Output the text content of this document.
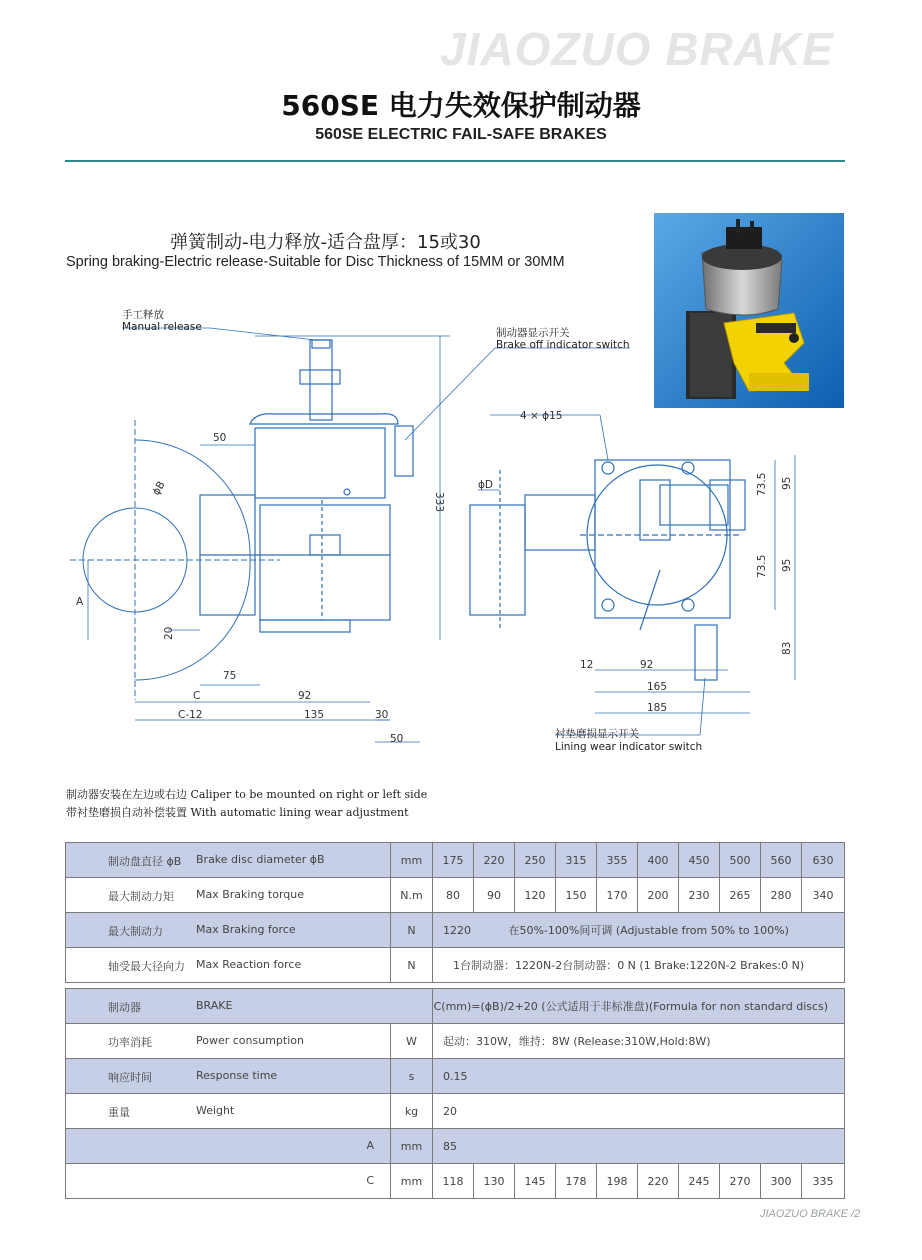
JIAOZUO BRAKE
560SE 电力失效保护制动器
560SE ELECTRIC FAIL-SAFE BRAKES
弹簧制动-电力释放-适合盘厚：15或30
Spring braking-Electric release-Suitable for Disc Thickness of 15MM or 30MM
手工释放
Manual release	制动器显示开关
Brake off indicator switch
衬垫磨损显示开关
Lining wear indicator switch
4 × ϕ15
ϕD
ϕB
50
333
A
20
75
C	92
C-12	135	30
50
73.5 95
73.5 95
83
12	92
165
185
制动器安装在左边或右边 Caliper to be mounted on right or left side
带衬垫磨损自动补偿装置 With automatic lining wear adjustment
制动盘直径 ϕB Brake disc diameter ϕB	mm	175	220	250	315	355	400	450	500	560	630

最大制动力矩 Max Braking torque	N.m	80	90	120	150	170	200	230	265	280	340

最大制动力 Max Braking force	N	1220 在50%-100%间可调 (Adjustable from 50% to 100%)									

轴受最大径向力 Max Reaction force	N	1台制动器：1220N-2台制动器：0 N (1 Brake:1220N-2 Brakes:0 N)									
制动器 BRAKE		C(mm)=(ϕB)/2+20 (公式适用于非标准盘)(Formula for non standard discs)									

功率消耗 Power consumption	W	起动：310W，维持：8W (Release:310W,Hold:8W)									

响应时间 Response time	s	0.15									

重量 Weight	kg	20									

A	mm	85									

C	mm	118	130	145	178	198	220	245	270	300	335
JIAOZUO BRAKE /2
